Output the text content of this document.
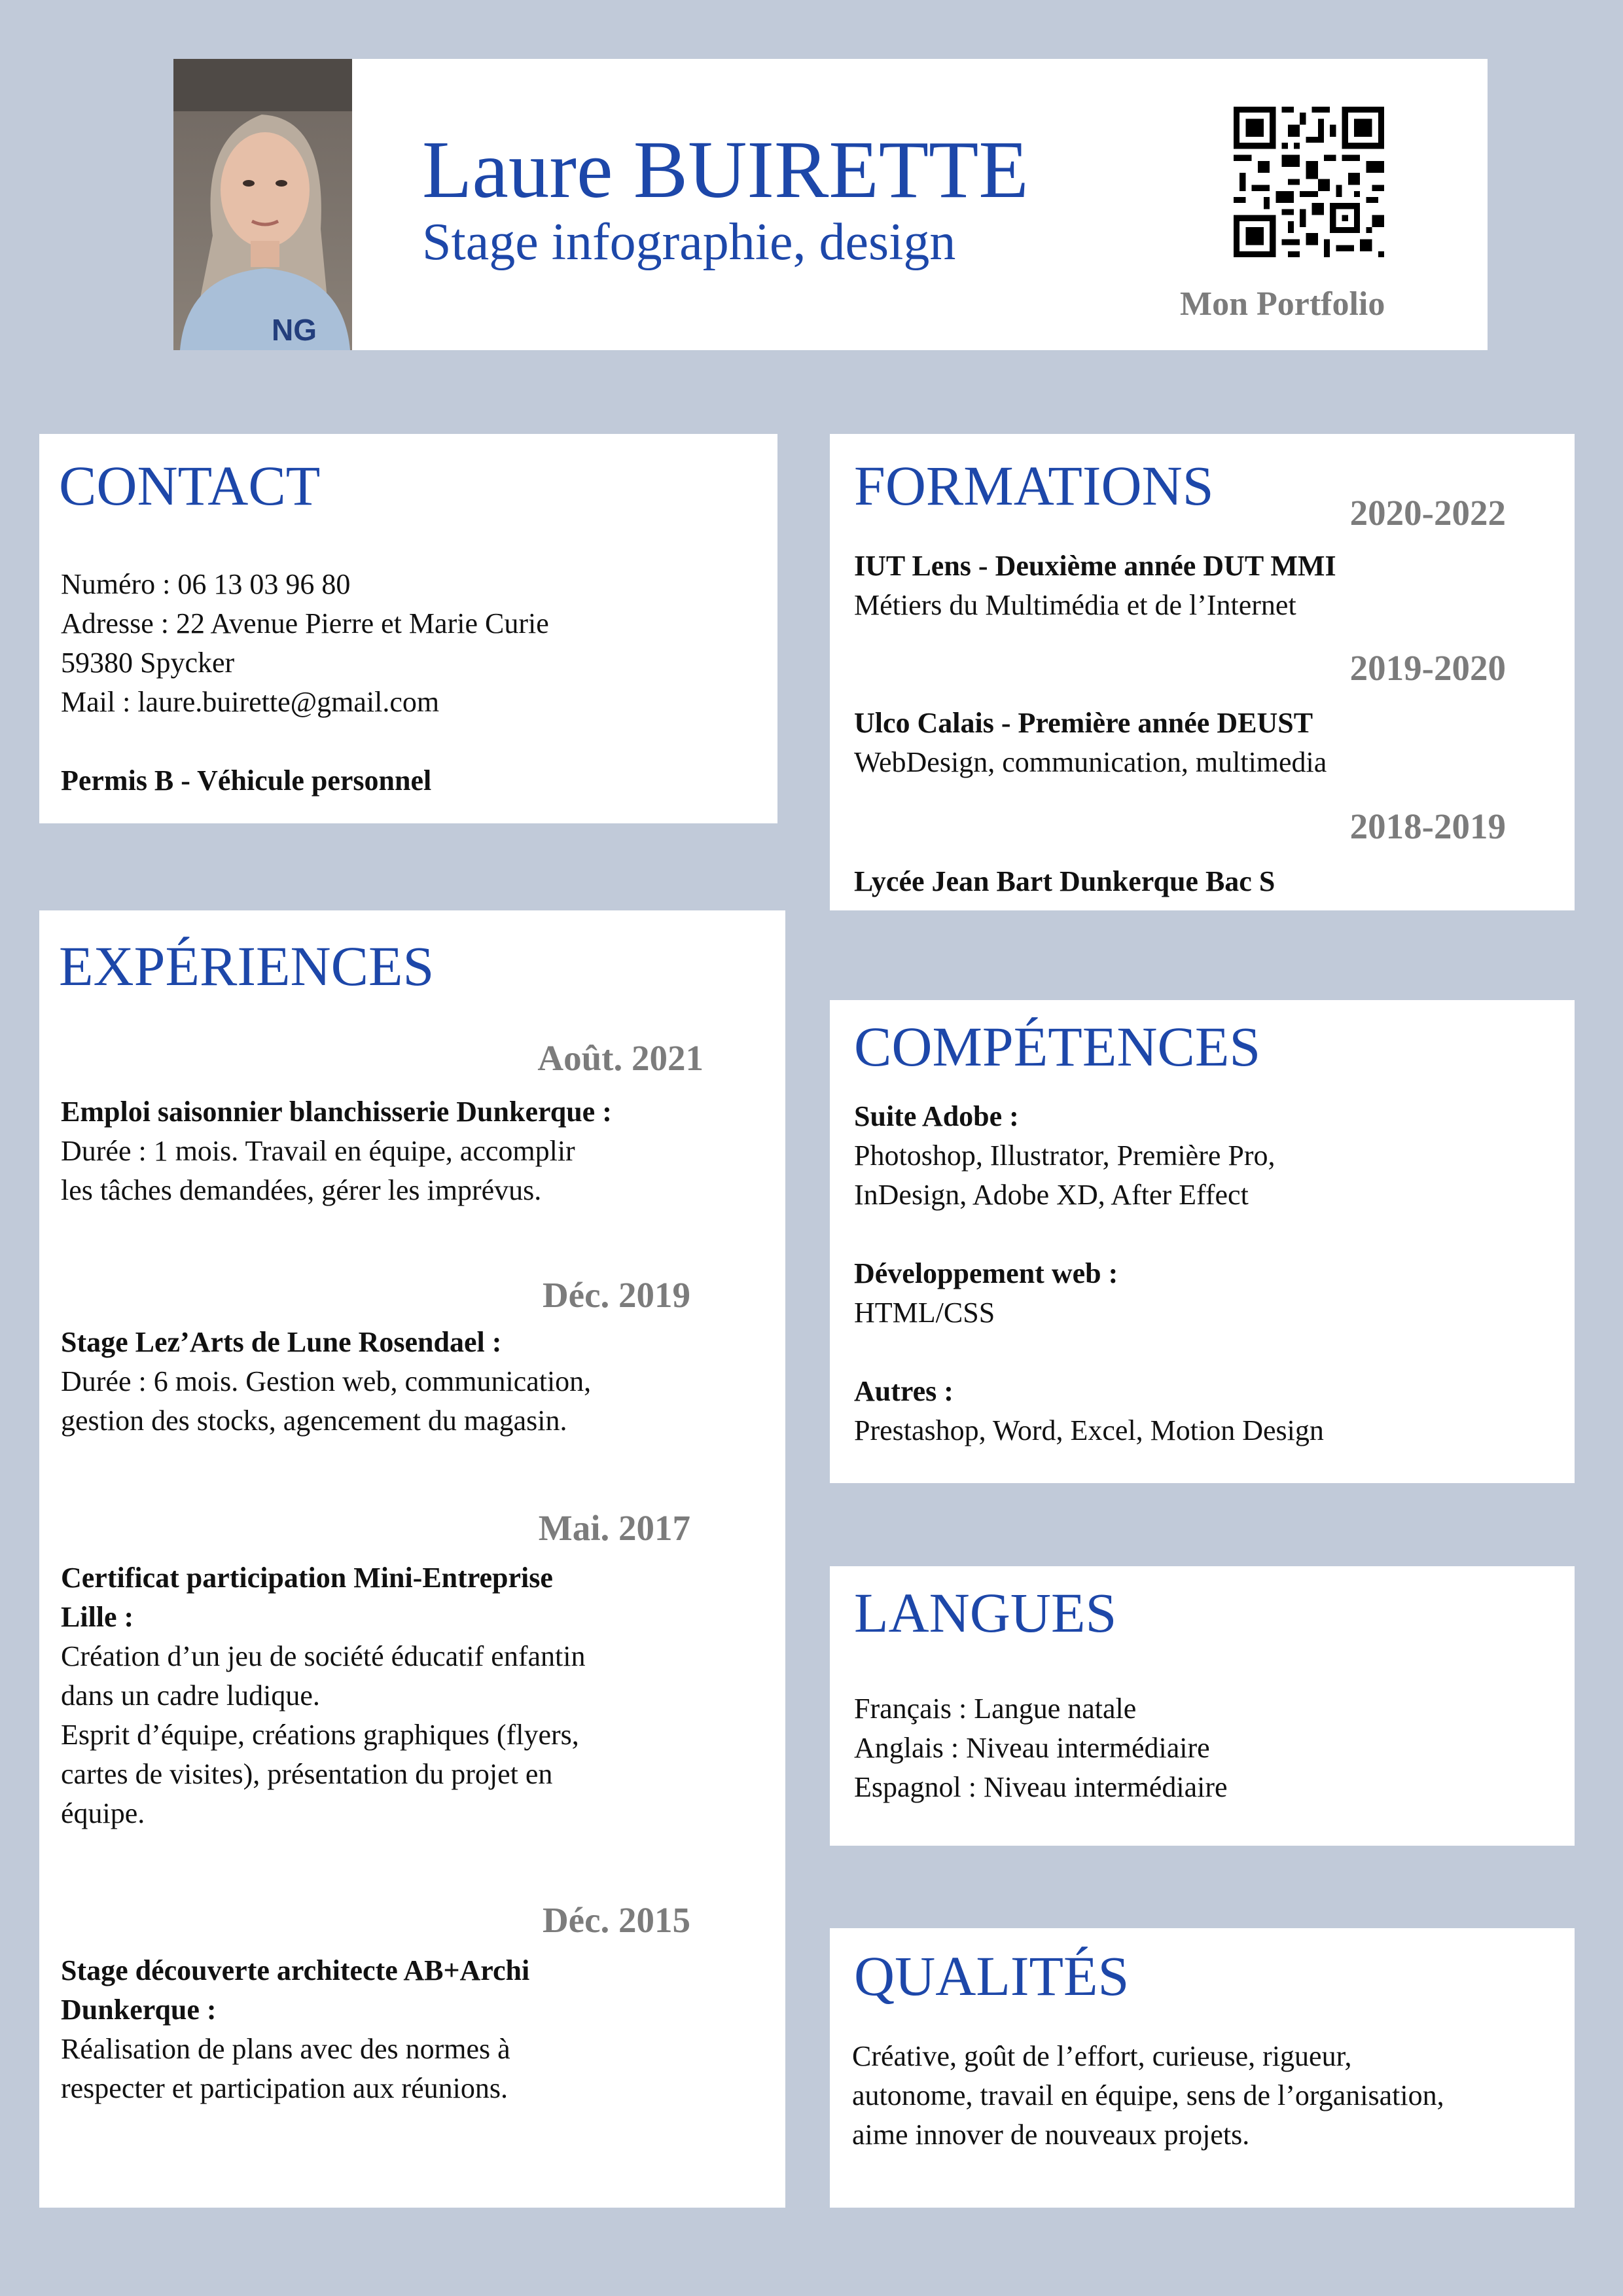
NG
Laure BUIRETTE
Stage infographie, design
Mon Portfolio
CONTACT
Numéro : 06 13 03 96 80
Adresse : 22 Avenue Pierre et Marie Curie
59380 Spycker
Mail : laure.buirette@gmail.com
Permis B - Véhicule personnel
FORMATIONS	2020-2022
IUT Lens - Deuxième année DUT MMI
Métiers du Multimédia et de l’Internet
2019-2020
Ulco Calais - Première année DEUST
WebDesign, communication, multimedia
2018-2019
Lycée Jean Bart Dunkerque Bac S
EXPÉRIENCES
Août. 2021
Emploi saisonnier blanchisserie Dunkerque :
Durée : 1 mois. Travail en équipe, accomplir
les tâches demandées, gérer les imprévus.
Déc. 2019
Stage Lez’Arts de Lune Rosendael :
Durée : 6 mois. Gestion web, communication,
gestion des stocks, agencement du magasin.
Mai. 2017
Certificat participation Mini-Entreprise
Lille :
Création d’un jeu de société éducatif enfantin
dans un cadre ludique.
Esprit d’équipe, créations graphiques (flyers,
cartes de visites), présentation du projet en
équipe.
Déc. 2015
Stage découverte architecte AB+Archi
Dunkerque :
Réalisation de plans avec des normes à
respecter et participation aux réunions.
COMPÉTENCES
Suite Adobe :
Photoshop, Illustrator, Première Pro,
InDesign, Adobe XD, After Effect
Développement web :
HTML/CSS
Autres :
Prestashop, Word, Excel, Motion Design
LANGUES
Français : Langue natale
Anglais : Niveau intermédiaire
Espagnol : Niveau intermédiaire
QUALITÉS
Créative, goût de l’effort, curieuse, rigueur,
autonome, travail en équipe, sens de l’organisation,
aime innover de nouveaux projets.
